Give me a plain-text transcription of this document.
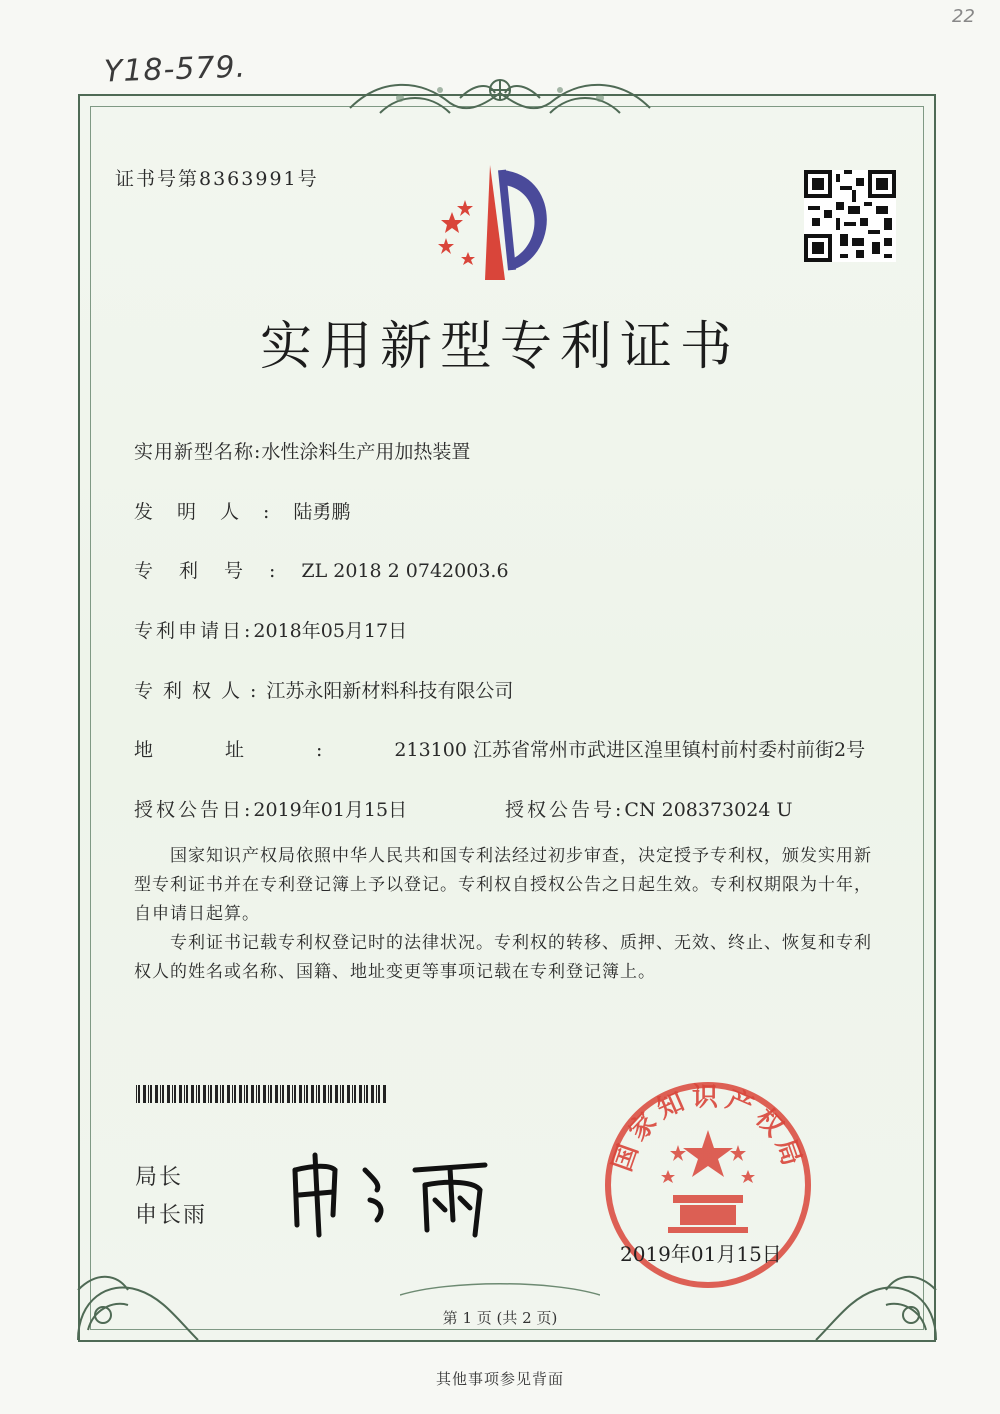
22
Y18-579.
证书号第8363991号
实用新型专利证书
实用新型名称:水性涂料生产用加热装置
发明人:陆勇鹏
专利号:ZL 2018 2 0742003.6
专利申请日:2018年05月17日
专利权人:江苏永阳新材料科技有限公司
地址:213100 江苏省常州市武进区湟里镇村前村委村前街2号
授权公告日:2019年01月15日	授权公告号:CN 208373024 U
国家知识产权局依照中华人民共和国专利法经过初步审查，决定授予专利权，颁发实用新型专利证书并在专利登记簿上予以登记。专利权自授权公告之日起生效。专利权期限为十年，自申请日起算。
专利证书记载专利权登记时的法律状况。专利权的转移、质押、无效、终止、恢复和专利权人的姓名或名称、国籍、地址变更等事项记载在专利登记簿上。
局长
申长雨
国家知识产权局
2019年01月15日
第 1 页 (共 2 页)
其他事项参见背面
